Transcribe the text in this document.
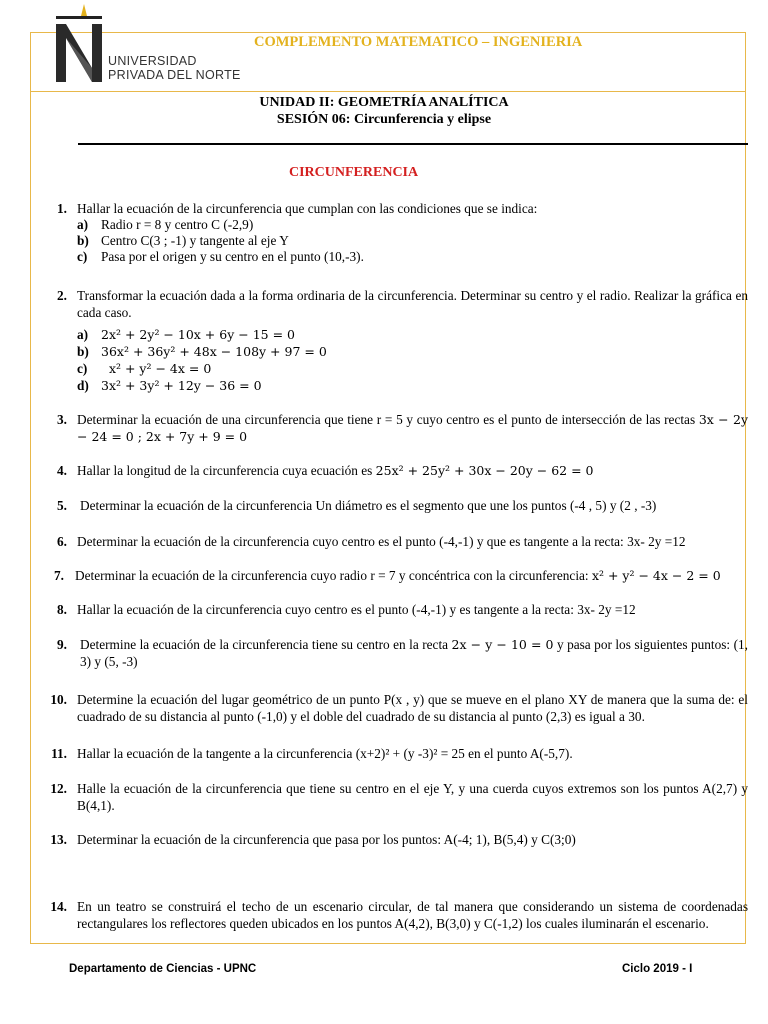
UNIVERSIDAD
PRIVADA DEL NORTE
COMPLEMENTO MATEMATICO – INGENIERIA
UNIDAD II: GEOMETRÍA ANALÍTICA
SESIÓN 06: Circunferencia y elipse
CIRCUNFERENCIA
1. Hallar la ecuación de la circunferencia que cumplan con las condiciones que se indica:
a) Radio r = 8 y centro C (-2,9)
b) Centro C(3 ; -1) y tangente al eje Y
c)	Pasa por el origen y su centro en el punto (10,-3).
2. Transformar la ecuación dada a la forma ordinaria de la circunferencia. Determinar su centro y el radio. Realizar la gráfica en cada caso.
a)	2x² + 2y² − 10x + 6y − 15 = 0
b) 36x² + 36y² + 48x − 108y + 97 = 0
c)	x² + y² − 4x = 0
d) 3x² + 3y² + 12y − 36 = 0
3. Determinar la ecuación de una circunferencia que tiene r = 5 y cuyo centro es el punto de intersección de las rectas 3x − 2y − 24 = 0 ; 2x + 7y + 9 = 0
4. Hallar la longitud de la circunferencia cuya ecuación es 25x² + 25y² + 30x − 20y − 62 = 0
5. Determinar la ecuación de la circunferencia Un diámetro es el segmento que une los puntos (-4 , 5) y (2 , -3)
6. Determinar la ecuación de la circunferencia cuyo centro es el punto (-4,-1) y que es tangente a la recta: 3x- 2y =12
7. Determinar la ecuación de la circunferencia cuyo radio r = 7 y concéntrica con la circunferencia: x² + y² − 4x − 2 = 0
8. Hallar la ecuación de la circunferencia cuyo centro es el punto (-4,-1) y es tangente a la recta: 3x- 2y =12
9. Determine la ecuación de la circunferencia tiene su centro en la recta 2x − y − 10 = 0 y pasa por los siguientes puntos: (1, 3) y (5, -3)
10. Determine la ecuación del lugar geométrico de un punto P(x , y) que se mueve en el plano XY de manera que la suma de: el cuadrado de su distancia al punto (-1,0) y el doble del cuadrado de su distancia al punto (2,3) es igual a 30.
11. Hallar la ecuación de la tangente a la circunferencia (x+2)² + (y -3)² = 25 en el punto A(-5,7).
12. Halle la ecuación de la circunferencia que tiene su centro en el eje Y, y una cuerda cuyos extremos son los puntos A(2,7) y B(4,1).
13. Determinar la ecuación de la circunferencia que pasa por los puntos: A(-4; 1), B(5,4) y C(3;0)
14. En un teatro se construirá el techo de un escenario circular, de tal manera que considerando un sistema de coordenadas rectangulares los reflectores queden ubicados en los puntos A(4,2), B(3,0) y C(-1,2) los cuales iluminarán el escenario.
Departamento de Ciencias - UPNC	Ciclo 2019 - I
